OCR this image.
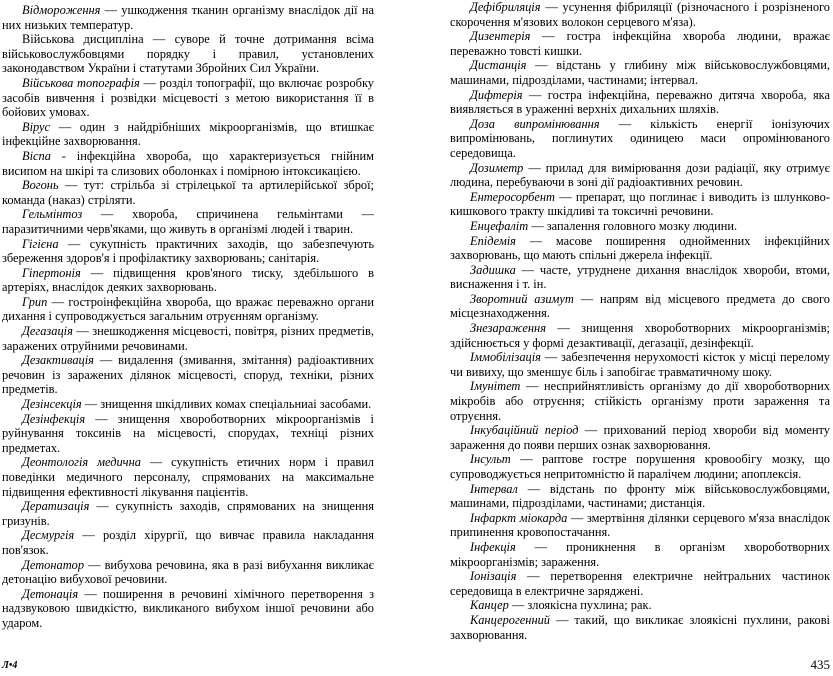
Відмороження — ушкодження тканин організму внаслідок дії на них низьких температур.

Військова дисципліна — суворе й точне дотримання всіма військовослужбовцями порядку і правил, установлених законодавством України і статутами Збройних Сил України.

Військова топографія — розділ топографії, що включає розробку засобів вивчення і розвідки місцевості з метою використання її в бойових умовах.

Вірус — один з найдрібніших мікроорганізмів, що втишкає інфекційне захворювання.

Віспа - інфекційна хвороба, що характеризується гнійним висипом на шкірі та слизових оболонках і помірною інтоксикацією.

Вогонь — тут: стрільба зі стрілецької та артилерійської зброї; команда (наказ) стріляти.

Гельмінтоз — хвороба, спричинена гельмінтами — паразитичними черв'яками, що живуть в організмі людей і тварин.

Гігієна — сукупність практичних заходів, що забезпечують збереження здоров'я і профілактику захворювань; санітарія.

Гіпертонія — підвищення кров'яного тиску, здебільшого в артеріях, внаслідок деяких захворювань.

Грип — гостроінфекційна хвороба, що вражає переважно органи дихання і супроводжується загальним отруєнням організму.

Дегазація — знешкодження місцевості, повітря, різних предметів, заражених отруйними речовинами.

Дезактивація — видалення (змивання, змітання) радіоактивних речовин із заражених ділянок місцевості, споруд, техніки, різних предметів.

Дезінсекція — знищення шкідливих комах спеціальниаі засобами.

Дезінфекція — знищення хвороботворних мікроорганізмів і руйнування токсинів на місцевості, спорудах, техніці різних предметах.

Деонтологія медична — сукупність етичних норм і правил поведінки медичного персоналу, спрямованих на максимальне підвищення ефективності лікування пацієнтів.

Дератизація — сукупність заходів, спрямованих на знищення гризунів.

Десмургія — розділ хірургії, що вивчає правила накладання пов'язок.

Детонатор — вибухова речовина, яка в разі вибухання викликає детонацію вибухової речовини.

Детонація — поширення в речовині хімічного перетворення з надзвуковою швидкістю, викликаного вибухом іншої речовини або ударом.

Дефібриляція — усунення фібриляції (різночасного і розрізненого скорочення м'язових волокон серцевого м'яза).

Дизентерія — гостра інфекційна хвороба людини, вражає переважно товсті кишки.

Дистанція — відстань у глибину між військовослужбовцями, машинами, підрозділами, частинами; інтервал.

Дифтерія — гостра інфекційна, переважно дитяча хвороба, яка виявляється в ураженні верхніх дихальних шляхів.

Доза випромінювання — кількість енергії іонізуючих випромінювань, поглинутих одиницею маси опромінюваного середовища.

Дозиметр — прилад для вимірювання дози радіації, яку отримує людина, перебуваючи в зоні дії радіоактивних речовин.

Ентеросорбент — препарат, що поглинає і виводить із шлунково-кишкового тракту шкідливі та токсичні речовини.

Енцефаліт — запалення головного мозку людини.

Епідемія — масове поширення однойменних інфекційних захворювань, що мають спільні джерела інфекції.

Задишка — часте, утруднене дихання внаслідок хвороби, втоми, виснаження і т. ін.

Зворотний азимут — напрям від місцевого предмета до свого місцезнаходження.

Знезараження — знищення хвороботворних мікроорганізмів; здійснюється у формі дезактивації, дегазації, дезінфекції.

Іммобілізація — забезпечення нерухомості кісток у місці перелому чи вивиху, що зменшує біль і запобігає травматичному шоку.

Імунітет — несприйнятливість організму до дії хвороботворних мікробів або отруєння; стійкість організму проти зараження та отруєння.

Інкубаційний період — прихований період хвороби від моменту зараження до появи перших ознак захворювання.

Інсульт — раптове гостре порушення кровообігу мозку, що супроводжується непритомністю й паралічем людини; апоплексія.

Інтервал — відстань по фронту між військовослужбовцями, машинами, підрозділами, частинами; дистанція.

Інфаркт міокарда — змертвіння ділянки серцевого м'яза внаслідок припинення кровопостачання.

Інфекція — проникнення в організм хвороботворних мікроорганізмів; зараження.

Іонізація — перетворення електричне нейтральних частинок середовища в електричне заряджені.

Канцер — злоякісна пухлина; рак.

Канцерогенний — такий, що викликає злоякісні пухлини, ракові захворювання.

Л•4	435
